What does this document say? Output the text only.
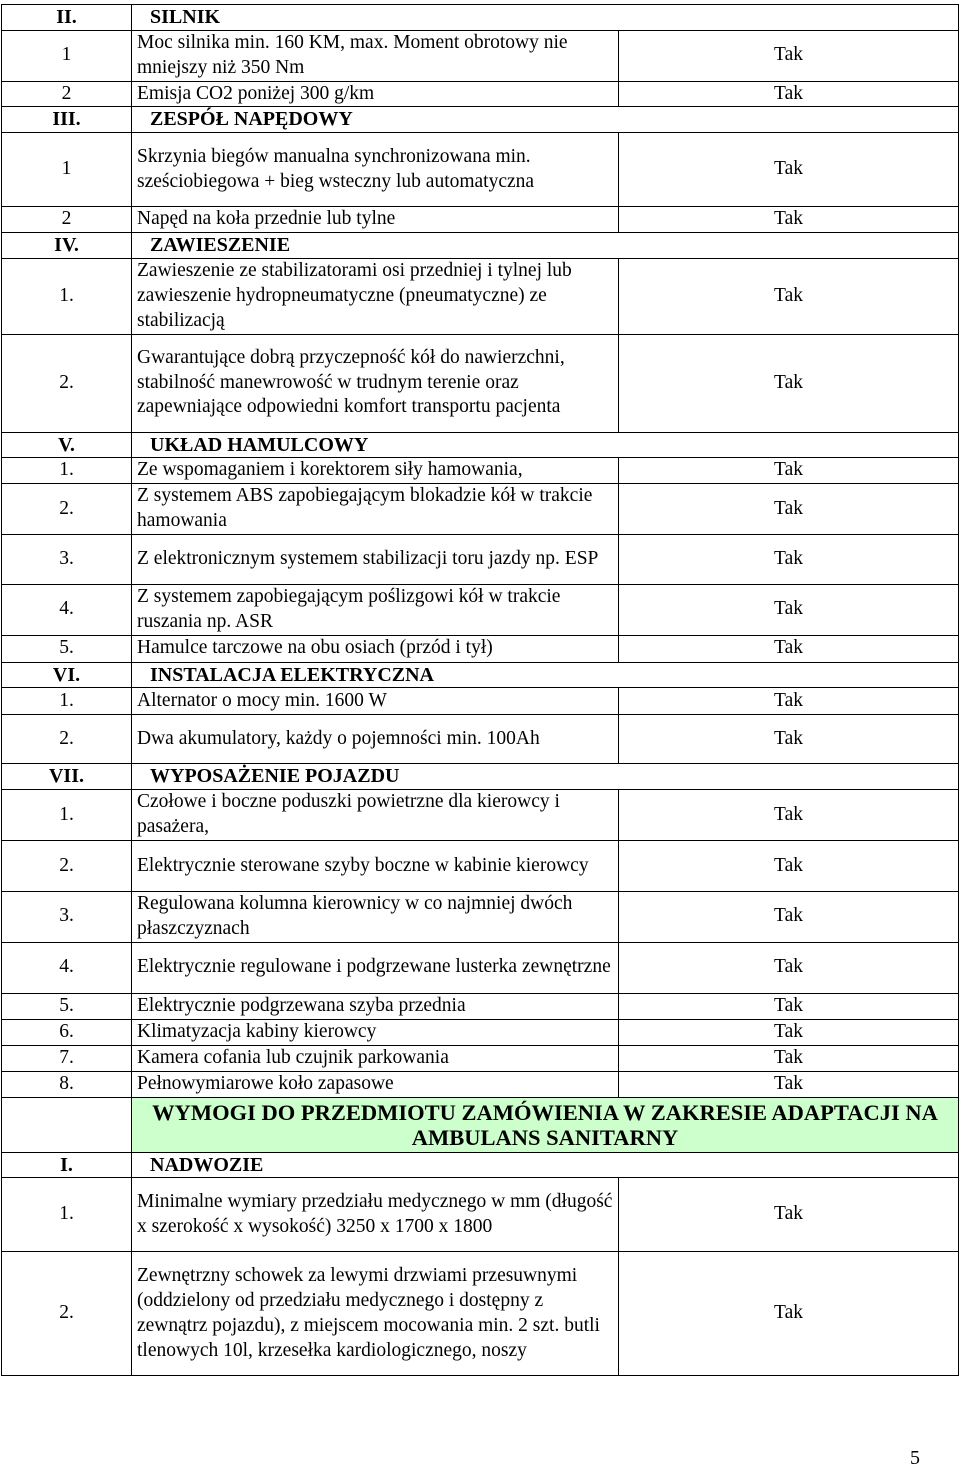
II.	SILNIK	
1	Moc silnika min. 160 KM, max. Moment obrotowy nie mniejszy niż 350 Nm	Tak
2	Emisja CO2 poniżej 300 g/km	Tak
III.	ZESPÓŁ NAPĘDOWY	
1	Skrzynia biegów manualna synchronizowana min. sześciobiegowa + bieg wsteczny lub automatyczna	Tak
2	Napęd na koła przednie lub tylne	Tak
IV.	ZAWIESZENIE	
1.	Zawieszenie ze stabilizatorami osi przedniej i tylnej lub zawieszenie hydropneumatyczne (pneumatyczne) ze stabilizacją	Tak
2.	Gwarantujące dobrą przyczepność kół do nawierzchni, stabilność manewrowość w trudnym terenie oraz zapewniające odpowiedni komfort transportu pacjenta	Tak
V.	UKŁAD HAMULCOWY	
1.	Ze wspomaganiem i korektorem siły hamowania,	Tak
2.	Z systemem ABS zapobiegającym blokadzie kół w trakcie hamowania	Tak
3.	Z elektronicznym systemem stabilizacji toru jazdy np. ESP	Tak
4.	Z systemem zapobiegającym poślizgowi kół w trakcie ruszania np. ASR	Tak
5.	Hamulce tarczowe na obu osiach (przód i tył)	Tak
VI.	INSTALACJA ELEKTRYCZNA	
1.	Alternator o mocy min. 1600 W	Tak
2.	Dwa akumulatory, każdy o pojemności min. 100Ah	Tak
VII.	WYPOSAŻENIE POJAZDU	
1.	Czołowe i boczne poduszki powietrzne dla kierowcy i pasażera,	Tak
2.	Elektrycznie sterowane szyby boczne w kabinie kierowcy	Tak
3.	Regulowana kolumna kierownicy w co najmniej dwóch płaszczyznach	Tak
4.	Elektrycznie regulowane i podgrzewane lusterka zewnętrzne	Tak
5.	Elektrycznie podgrzewana szyba przednia	Tak
6.	Klimatyzacja kabiny kierowcy	Tak
7.	Kamera cofania lub czujnik parkowania	Tak
8.	Pełnowymiarowe koło zapasowe	Tak
	WYMOGI DO PRZEDMIOTU ZAMÓWIENIA W ZAKRESIE ADAPTACJI NA AMBULANS SANITARNY	
I.	NADWOZIE	
1.	Minimalne wymiary przedziału medycznego w mm (długość x szerokość x wysokość) 3250 x 1700 x 1800	Tak
2.	Zewnętrzny schowek za lewymi drzwiami przesuwnymi (oddzielony od przedziału medycznego i dostępny z zewnątrz pojazdu), z miejscem mocowania min. 2 szt. butli tlenowych 10l, krzesełka kardiologicznego, noszy	Tak
5
